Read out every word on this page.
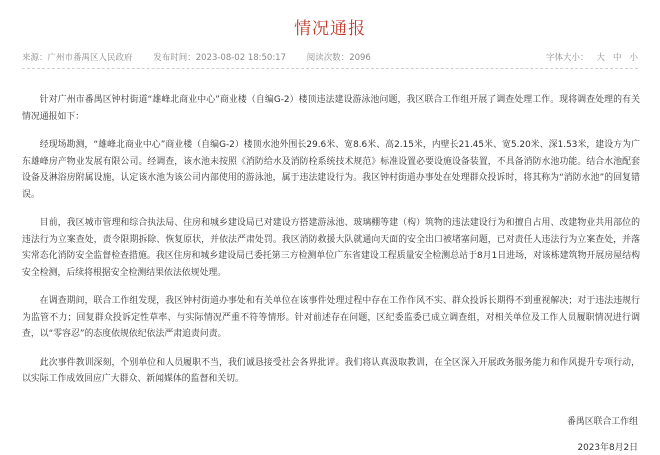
情况通报
来源：广州市番禺区人民政府 发布时间：2023-08-02 18:50:17 阅读次数：2096	字体大小： 大 中 小

针对广州市番禺区钟村街道“雄峰北商业中心”商业楼（自编G-2）楼顶违法建设游泳池问题，我区联合工作组开展了调查处理工作。现将调查处理的有关情况通报如下：

经现场勘测，“雄峰北商业中心”商业楼（自编G-2）楼顶水池外围长29.6米、宽8.6米、高2.15米，内壁长21.45米、宽5.20米、深1.53米，建设方为广东雄峰房产物业发展有限公司。经调查，该水池未按照《消防给水及消防栓系统技术规范》标准设置必要设施设备装置，不具备消防水池功能。结合水池配套设备及淋浴房附属设施，认定该水池为该公司内部使用的游泳池，属于违法建设行为。我区钟村街道办事处在处理群众投诉时，将其称为“消防水池”的回复错误。

目前，我区城市管理和综合执法局、住房和城乡建设局已对建设方搭建游泳池、玻璃棚等建（构）筑物的违法建设行为和擅自占用、改建物业共用部位的违法行为立案查处，责令限期拆除、恢复原状，并依法严肃处罚。我区消防救援大队就通向天面的安全出口被堵塞问题，已对责任人违法行为立案查处，并落实常态化消防安全监督检查措施。我区住房和城乡建设局已委托第三方检测单位广东省建设工程质量安全检测总站于8月1日进场，对该栋建筑物开展房屋结构安全检测，后续将根据安全检测结果依法依规处理。

在调查期间，联合工作组发现，我区钟村街道办事处和有关单位在该事件处理过程中存在工作作风不实、群众投诉长期得不到重视解决；对于违法违规行为监管不力；回复群众投诉定性草率、与实际情况严重不符等情形。针对前述存在问题，区纪委监委已成立调查组，对相关单位及工作人员履职情况进行调查，以“零容忍”的态度依规依纪依法严肃追责问责。

此次事件教训深刻，个别单位和人员履职不当，我们诚恳接受社会各界批评。我们将认真汲取教训，在全区深入开展政务服务能力和作风提升专项行动，以实际工作成效回应广大群众、新闻媒体的监督和关切。

番禺区联合工作组
2023年8月2日
